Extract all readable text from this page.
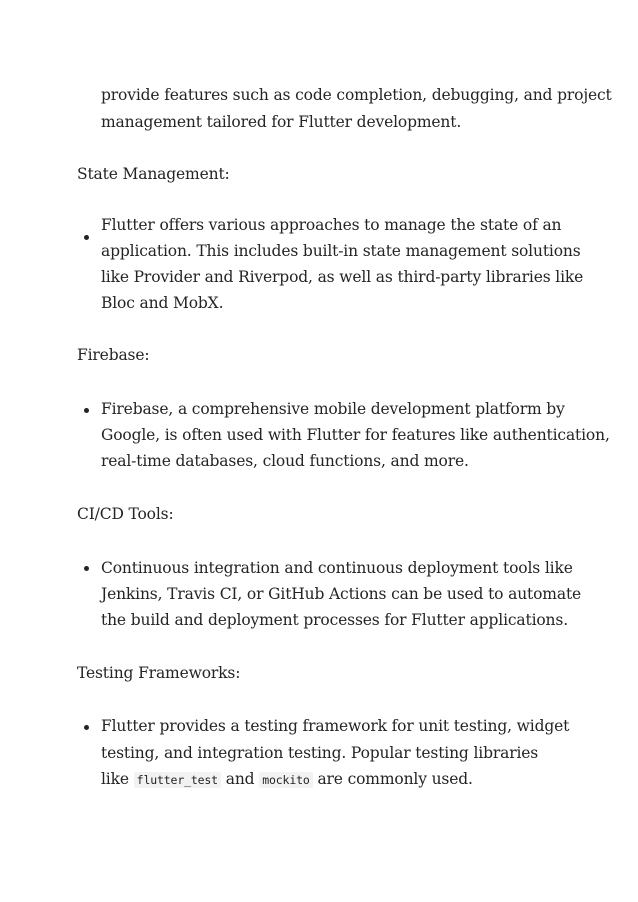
provide features such as code completion, debugging, and project
management tailored for Flutter development.
State Management:
Flutter offers various approaches to manage the state of an
application. This includes built-in state management solutions
like Provider and Riverpod, as well as third-party libraries like
Bloc and MobX.
Firebase:
Firebase, a comprehensive mobile development platform by
Google, is often used with Flutter for features like authentication,
real-time databases, cloud functions, and more.
CI/CD Tools:
Continuous integration and continuous deployment tools like
Jenkins, Travis CI, or GitHub Actions can be used to automate
the build and deployment processes for Flutter applications.
Testing Frameworks:
Flutter provides a testing framework for unit testing, widget
testing, and integration testing. Popular testing libraries
like flutter_test and mockito are commonly used.
